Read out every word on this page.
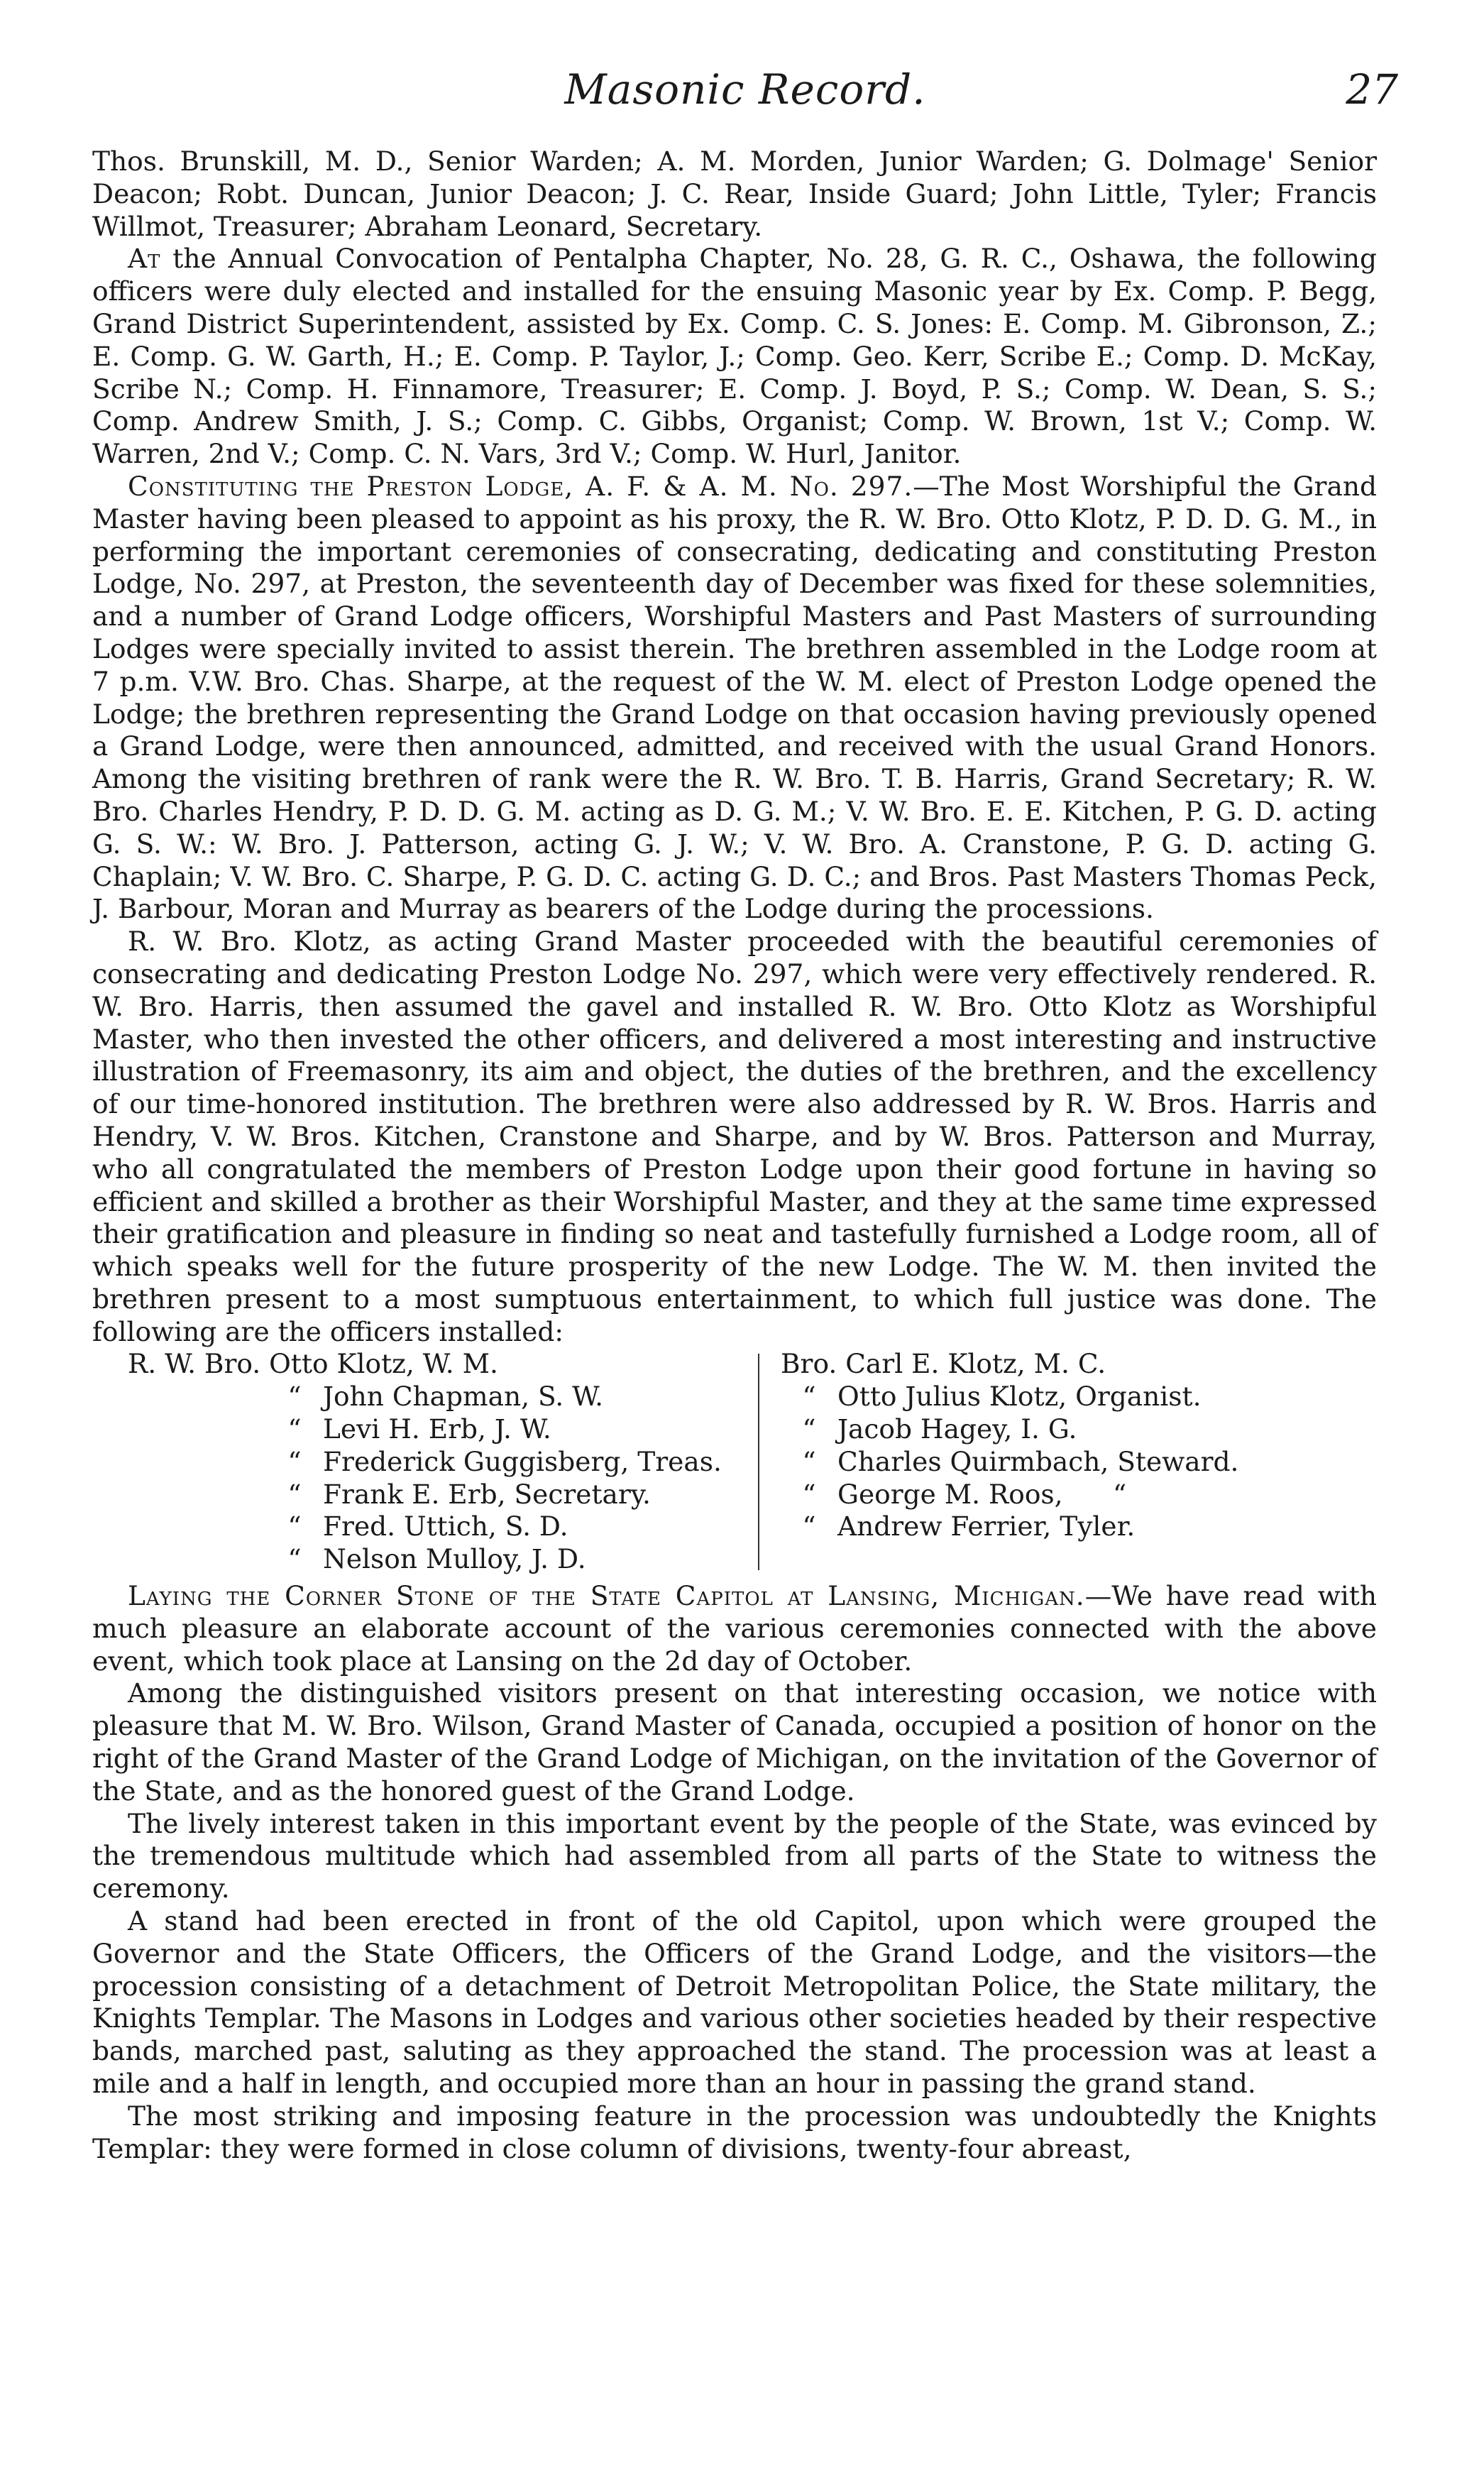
Masonic Record.	27

Thos. Brunskill, M. D., Senior Warden; A. M. Morden, Junior Warden; G. Dolmage' Senior Deacon; Robt. Duncan, Junior Deacon; J. C. Rear, Inside Guard; John Little, Tyler; Francis Willmot, Treasurer; Abraham Leonard, Secretary.

At the Annual Convocation of Pentalpha Chapter, No. 28, G. R. C., Oshawa, the following officers were duly elected and installed for the ensuing Masonic year by Ex. Comp. P. Begg, Grand District Superintendent, assisted by Ex. Comp. C. S. Jones: E. Comp. M. Gibronson, Z.; E. Comp. G. W. Garth, H.; E. Comp. P. Taylor, J.; Comp. Geo. Kerr, Scribe E.; Comp. D. McKay, Scribe N.; Comp. H. Finnamore, Treasurer; E. Comp. J. Boyd, P. S.; Comp. W. Dean, S. S.; Comp. Andrew Smith, J. S.; Comp. C. Gibbs, Organist; Comp. W. Brown, 1st V.; Comp. W. Warren, 2nd V.; Comp. C. N. Vars, 3rd V.; Comp. W. Hurl, Janitor.

Constituting the Preston Lodge, A. F. & A. M. No. 297.—The Most Worshipful the Grand Master having been pleased to appoint as his proxy, the R. W. Bro. Otto Klotz, P. D. D. G. M., in performing the important ceremonies of consecrating, dedicating and constituting Preston Lodge, No. 297, at Preston, the seventeenth day of December was fixed for these solemnities, and a number of Grand Lodge officers, Worshipful Masters and Past Masters of surrounding Lodges were specially invited to assist therein. The brethren assembled in the Lodge room at 7 p.m. V.W. Bro. Chas. Sharpe, at the request of the W. M. elect of Preston Lodge opened the Lodge; the brethren representing the Grand Lodge on that occasion having previously opened a Grand Lodge, were then announced, admitted, and received with the usual Grand Honors. Among the visiting brethren of rank were the R. W. Bro. T. B. Harris, Grand Secretary; R. W. Bro. Charles Hendry, P. D. D. G. M. acting as D. G. M.; V. W. Bro. E. E. Kitchen, P. G. D. acting G. S. W.: W. Bro. J. Patterson, acting G. J. W.; V. W. Bro. A. Cranstone, P. G. D. acting G. Chaplain; V. W. Bro. C. Sharpe, P. G. D. C. acting G. D. C.; and Bros. Past Masters Thomas Peck, J. Barbour, Moran and Murray as bearers of the Lodge during the processions.

R. W. Bro. Klotz, as acting Grand Master proceeded with the beautiful ceremonies of consecrating and dedicating Preston Lodge No. 297, which were very effectively rendered. R. W. Bro. Harris, then assumed the gavel and installed R. W. Bro. Otto Klotz as Worshipful Master, who then invested the other officers, and delivered a most interesting and instructive illustration of Freemasonry, its aim and object, the duties of the brethren, and the excellency of our time-honored institution. The brethren were also addressed by R. W. Bros. Harris and Hendry, V. W. Bros. Kitchen, Cranstone and Sharpe, and by W. Bros. Patterson and Murray, who all congratulated the members of Preston Lodge upon their good fortune in having so efficient and skilled a brother as their Worshipful Master, and they at the same time expressed their gratification and pleasure in finding so neat and tastefully furnished a Lodge room, all of which speaks well for the future prosperity of the new Lodge. The W. M. then invited the brethren present to a most sumptuous entertainment, to which full justice was done. The following are the officers installed:

R. W. Bro. Otto Klotz, W. M.
“ John Chapman, S. W.
“ Levi H. Erb, J. W.
“ Frederick Guggisberg, Treas.
“ Frank E. Erb, Secretary.
“ Fred. Uttich, S. D.
“ Nelson Mulloy, J. D.
Bro. Carl E. Klotz, M. C.
“ Otto Julius Klotz, Organist.
“ Jacob Hagey, I. G.
“ Charles Quirmbach, Steward.
“ George M. Roos, “
“ Andrew Ferrier, Tyler.

Laying the Corner Stone of the State Capitol at Lansing, Michigan.—We have read with much pleasure an elaborate account of the various ceremonies connected with the above event, which took place at Lansing on the 2d day of October.

Among the distinguished visitors present on that interesting occasion, we notice with pleasure that M. W. Bro. Wilson, Grand Master of Canada, occupied a position of honor on the right of the Grand Master of the Grand Lodge of Michigan, on the invitation of the Governor of the State, and as the honored guest of the Grand Lodge.

The lively interest taken in this important event by the people of the State, was evinced by the tremendous multitude which had assembled from all parts of the State to witness the ceremony.

A stand had been erected in front of the old Capitol, upon which were grouped the Governor and the State Officers, the Officers of the Grand Lodge, and the visitors—the procession consisting of a detachment of Detroit Metropolitan Police, the State military, the Knights Templar. The Masons in Lodges and various other societies headed by their respective bands, marched past, saluting as they approached the stand. The procession was at least a mile and a half in length, and occupied more than an hour in passing the grand stand.

The most striking and imposing feature in the procession was undoubtedly the Knights Templar: they were formed in close column of divisions, twenty-four abreast,
